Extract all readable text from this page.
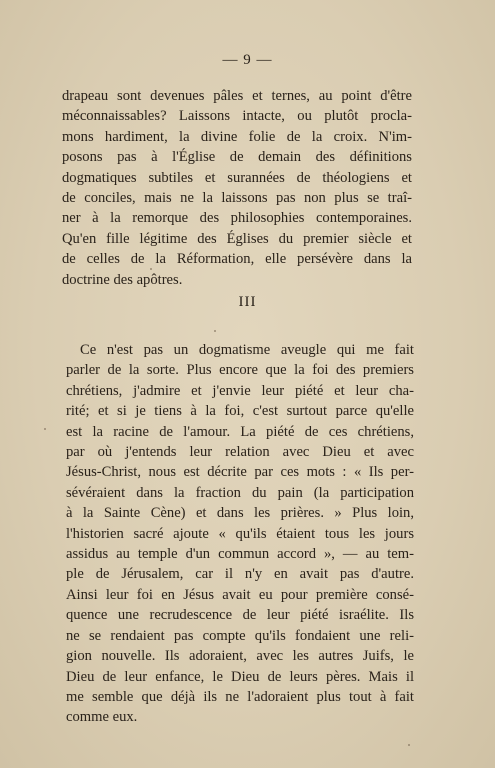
— 9 —

drapeau sont devenues pâles et ternes, au point d'être
méconnaissables? Laissons intacte, ou plutôt procla-
mons hardiment, la divine folie de la croix. N'im-
posons pas à l'Église de demain des définitions
dogmatiques subtiles et surannées de théologiens et
de conciles, mais ne la laissons pas non plus se traî-
ner à la remorque des philosophies contemporaines.
Qu'en fille légitime des Églises du premier siècle et
de celles de la Réformation, elle persévère dans la
doctrine des apôtres.

III

Ce n'est pas un dogmatisme aveugle qui me fait
parler de la sorte. Plus encore que la foi des premiers
chrétiens, j'admire et j'envie leur piété et leur cha-
rité; et si je tiens à la foi, c'est surtout parce qu'elle
est la racine de l'amour. La piété de ces chrétiens,
par où j'entends leur relation avec Dieu et avec
Jésus-Christ, nous est décrite par ces mots : « Ils per-
sévéraient dans la fraction du pain (la participation
à la Sainte Cène) et dans les prières. » Plus loin,
l'historien sacré ajoute « qu'ils étaient tous les jours
assidus au temple d'un commun accord », — au tem-
ple de Jérusalem, car il n'y en avait pas d'autre.
Ainsi leur foi en Jésus avait eu pour première consé-
quence une recrudescence de leur piété israélite. Ils
ne se rendaient pas compte qu'ils fondaient une reli-
gion nouvelle. Ils adoraient, avec les autres Juifs, le
Dieu de leur enfance, le Dieu de leurs pères. Mais il
me semble que déjà ils ne l'adoraient plus tout à fait
comme eux.
